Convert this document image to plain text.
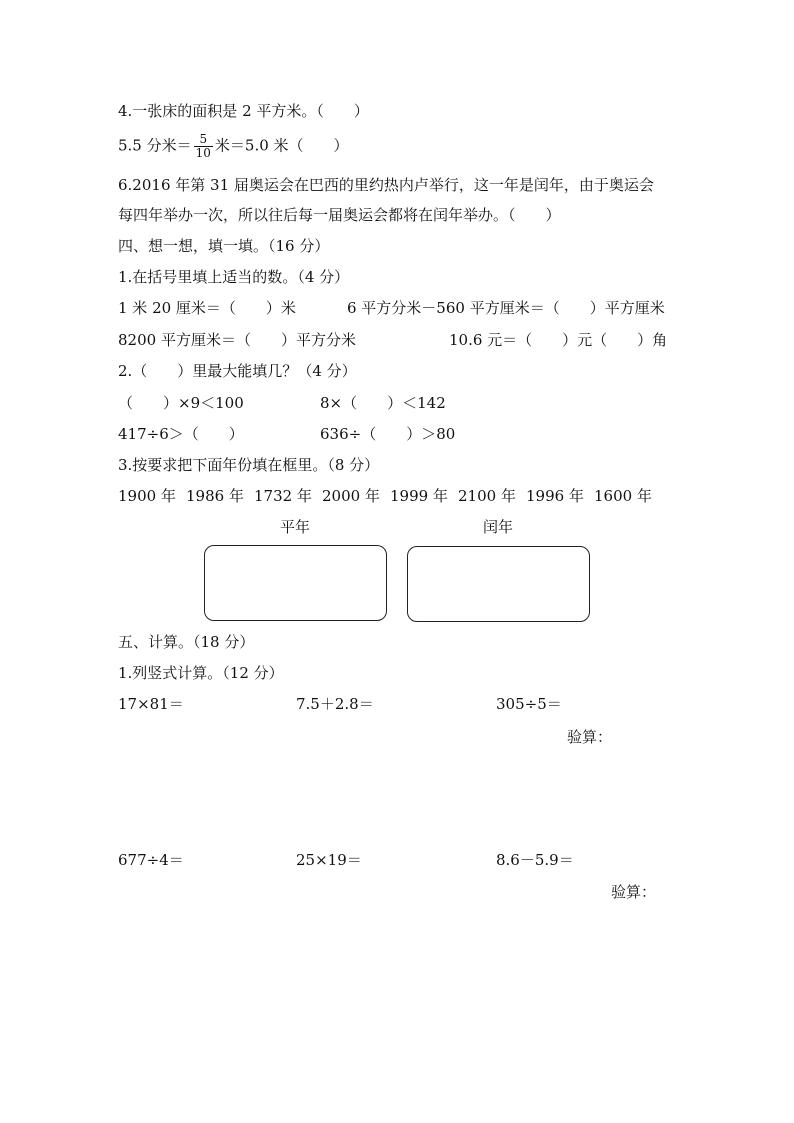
4.一张床的面积是 2 平方米。（　　）
5.5 分米＝ $\frac{5}{10}$ 米＝5.0 米（　　）
6.2016 年第 31 届奥运会在巴西的里约热内卢举行，这一年是闰年，由于奥运会
每四年举办一次，所以往后每一届奥运会都将在闰年举办。（　　）
四、想一想，填一填。（16 分）
1.在括号里填上适当的数。（4 分）
1 米 20 厘米＝（　　）米	6 平方分米－560 平方厘米＝（　　）平方厘米
8200 平方厘米＝（　　）平方分米	10.6 元＝（　　）元（　　）角
2.（　　）里最大能填几？（4 分）
（　　）×9＜100	8×（　　）＜142
417÷6＞（　　）	636÷（　　）＞80
3.按要求把下面年份填在框里。（8 分）
1900 年 1986 年 1732 年 2000 年 1999 年 2100 年 1996 年 1600 年
平年	闰年
五、计算。（18 分）
1.列竖式计算。（12 分）
17×81＝	7.5＋2.8＝	305÷5＝
验算：
677÷4＝	25×19＝	8.6－5.9＝
验算：
